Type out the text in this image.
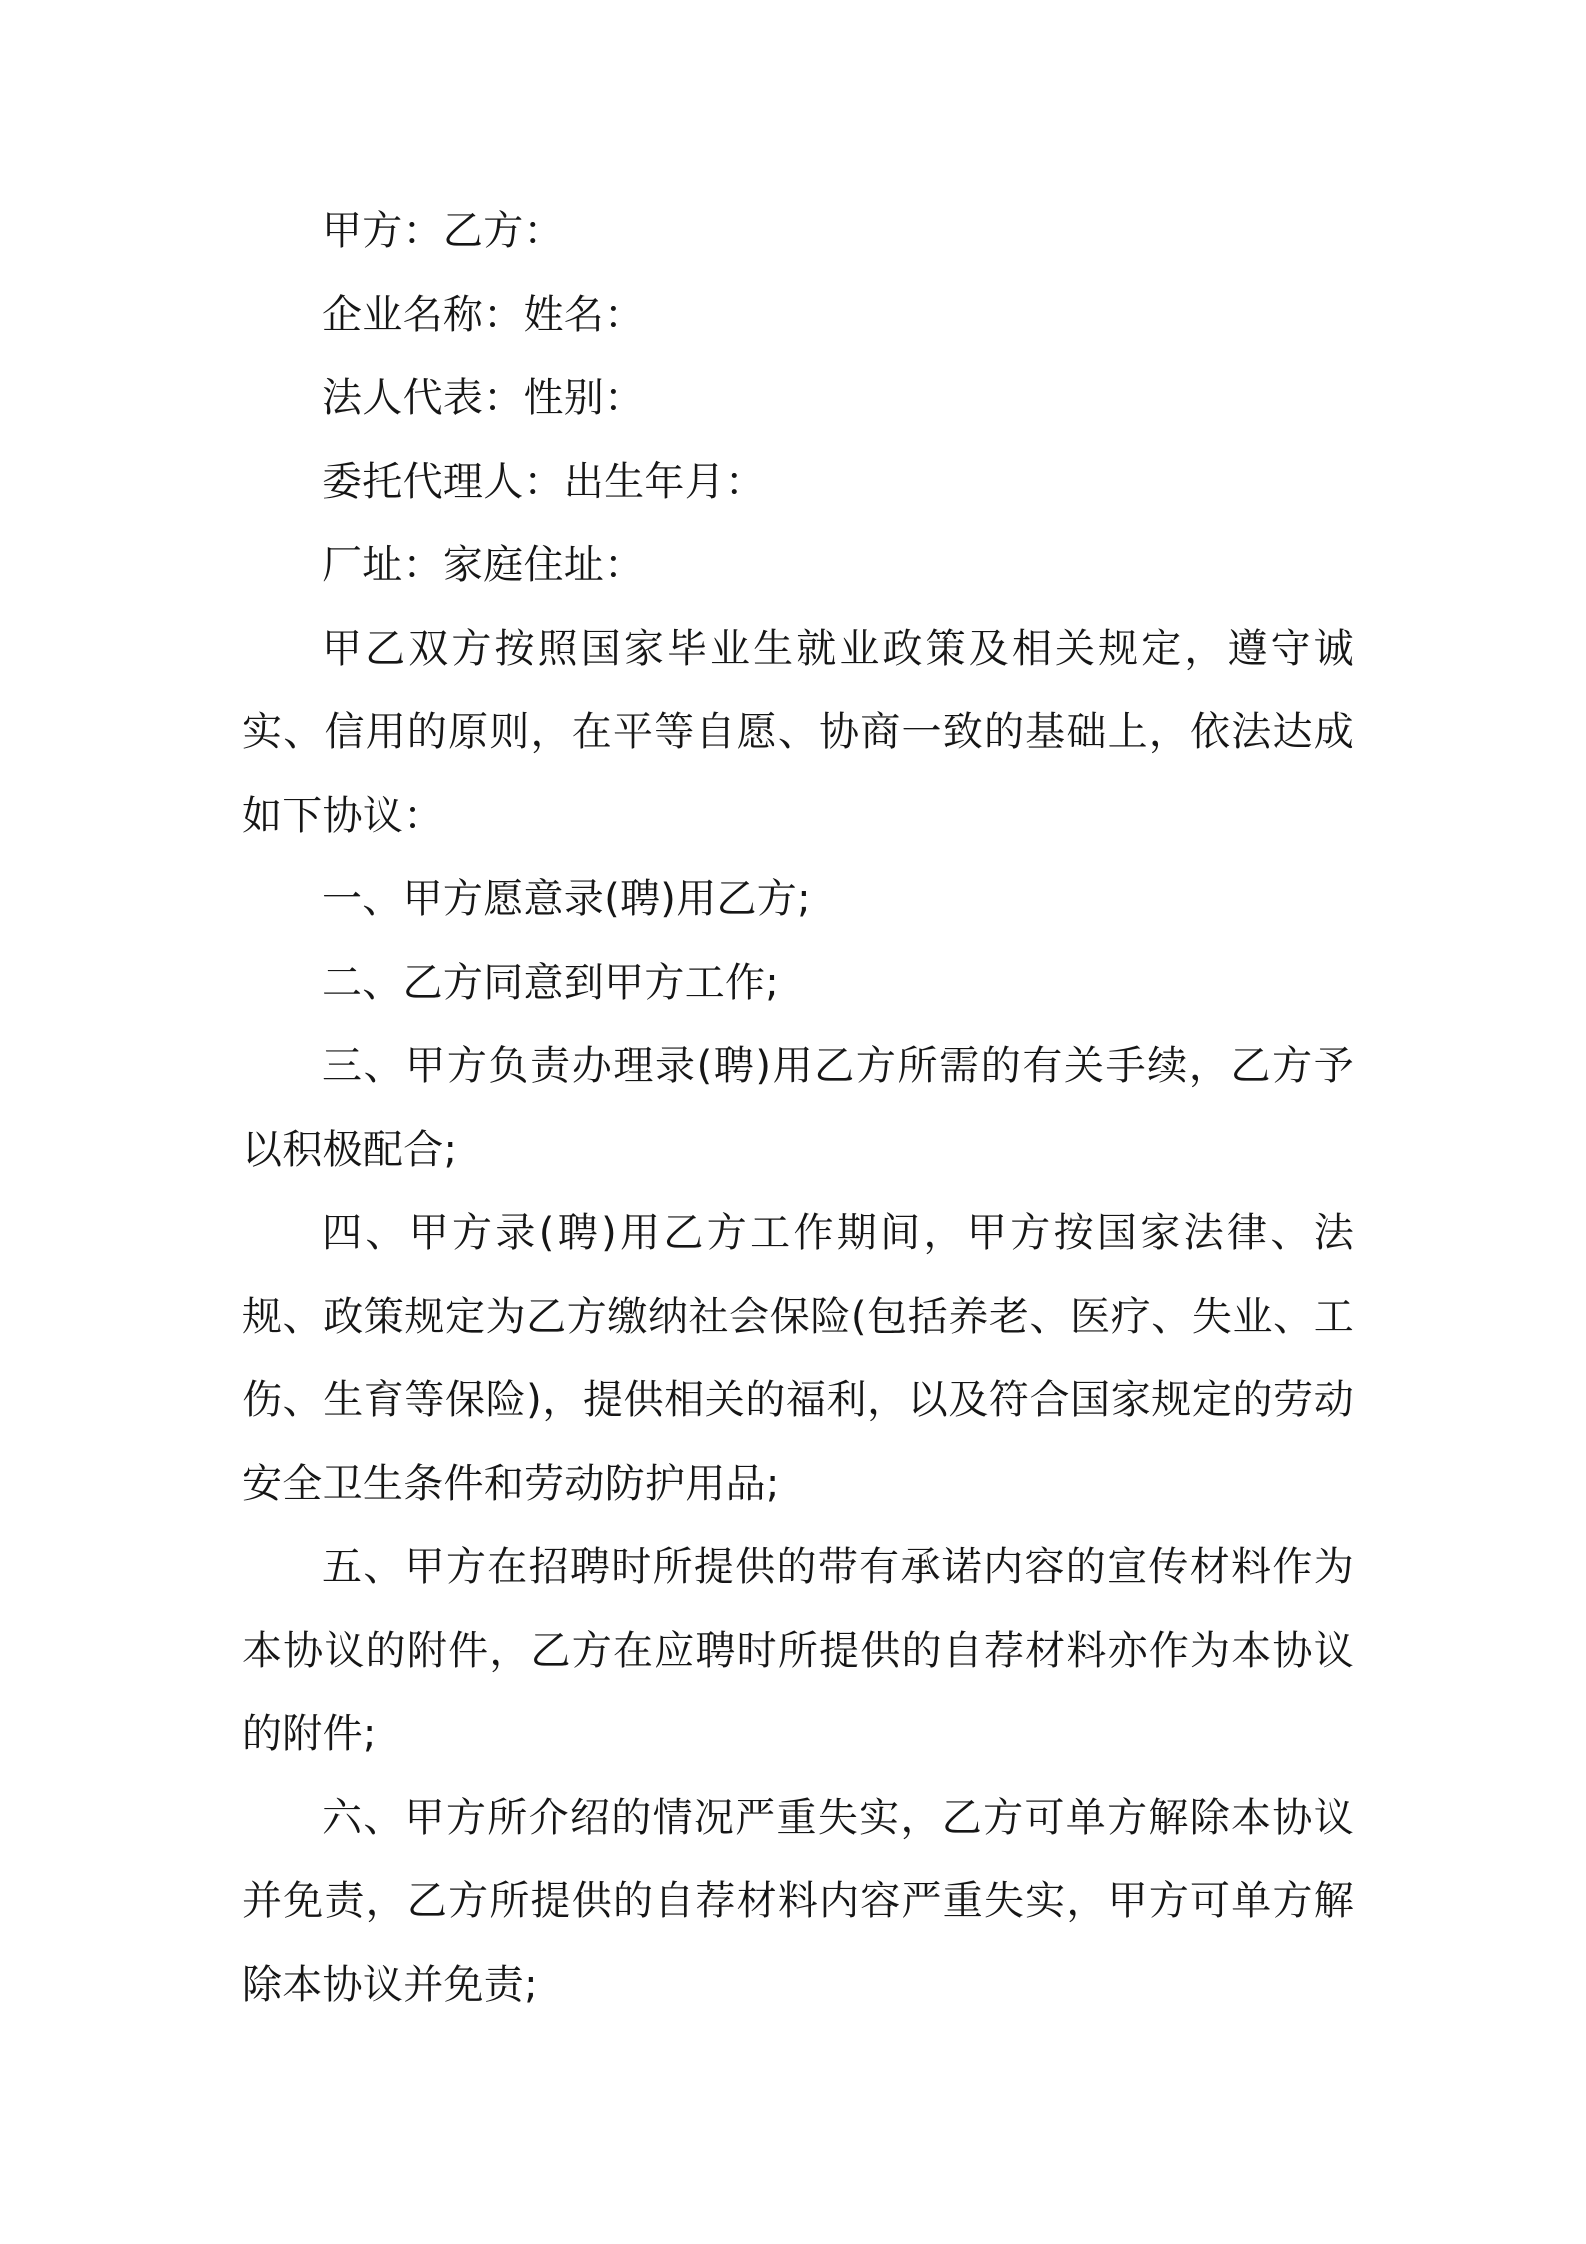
甲方：乙方：

企业名称：姓名：

法人代表：性别：

委托代理人：出生年月：

厂址：家庭住址：

甲乙双方按照国家毕业生就业政策及相关规定，遵守诚实、信用的原则，在平等自愿、协商一致的基础上，依法达成如下协议：

一、甲方愿意录(聘)用乙方;

二、乙方同意到甲方工作;

三、甲方负责办理录(聘)用乙方所需的有关手续，乙方予以积极配合;

四、甲方录(聘)用乙方工作期间，甲方按国家法律、法规、政策规定为乙方缴纳社会保险(包括养老、医疗、失业、工伤、生育等保险)，提供相关的福利，以及符合国家规定的劳动安全卫生条件和劳动防护用品;

五、甲方在招聘时所提供的带有承诺内容的宣传材料作为本协议的附件，乙方在应聘时所提供的自荐材料亦作为本协议的附件;

六、甲方所介绍的情况严重失实，乙方可单方解除本协议并免责，乙方所提供的自荐材料内容严重失实，甲方可单方解除本协议并免责;
